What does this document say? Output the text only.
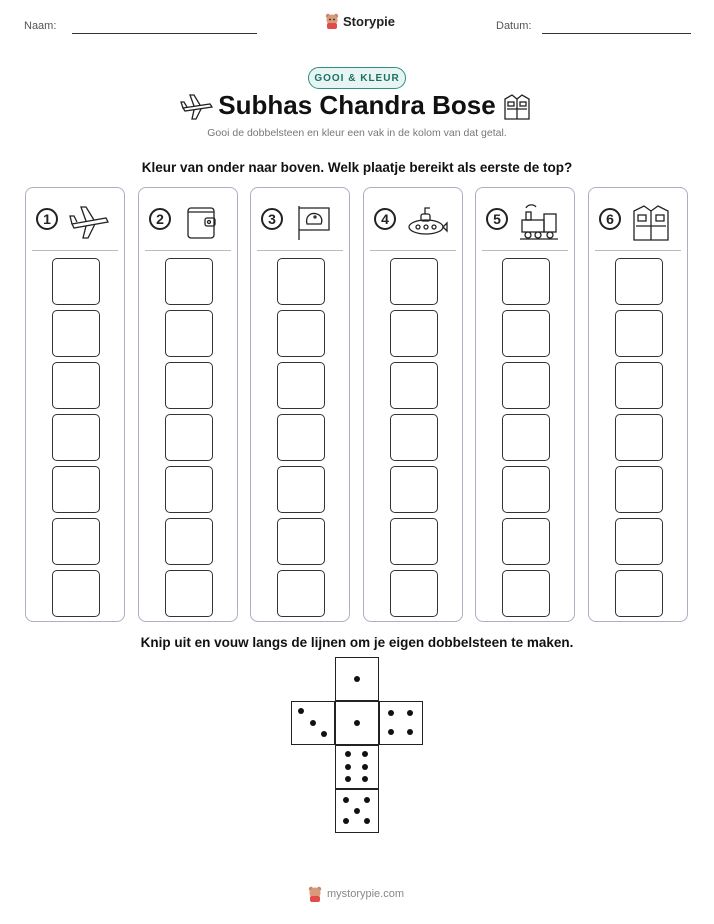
Naam:	Storypie	Datum:
GOOI & KLEUR
Subhas Chandra Bose
Gooi de dobbelsteen en kleur een vak in de kolom van dat getal.
Kleur van onder naar boven. Welk plaatje bereikt als eerste de top?
1	2	3	4	5	6
Knip uit en vouw langs de lijnen om je eigen dobbelsteen te maken.
mystorypie.com
